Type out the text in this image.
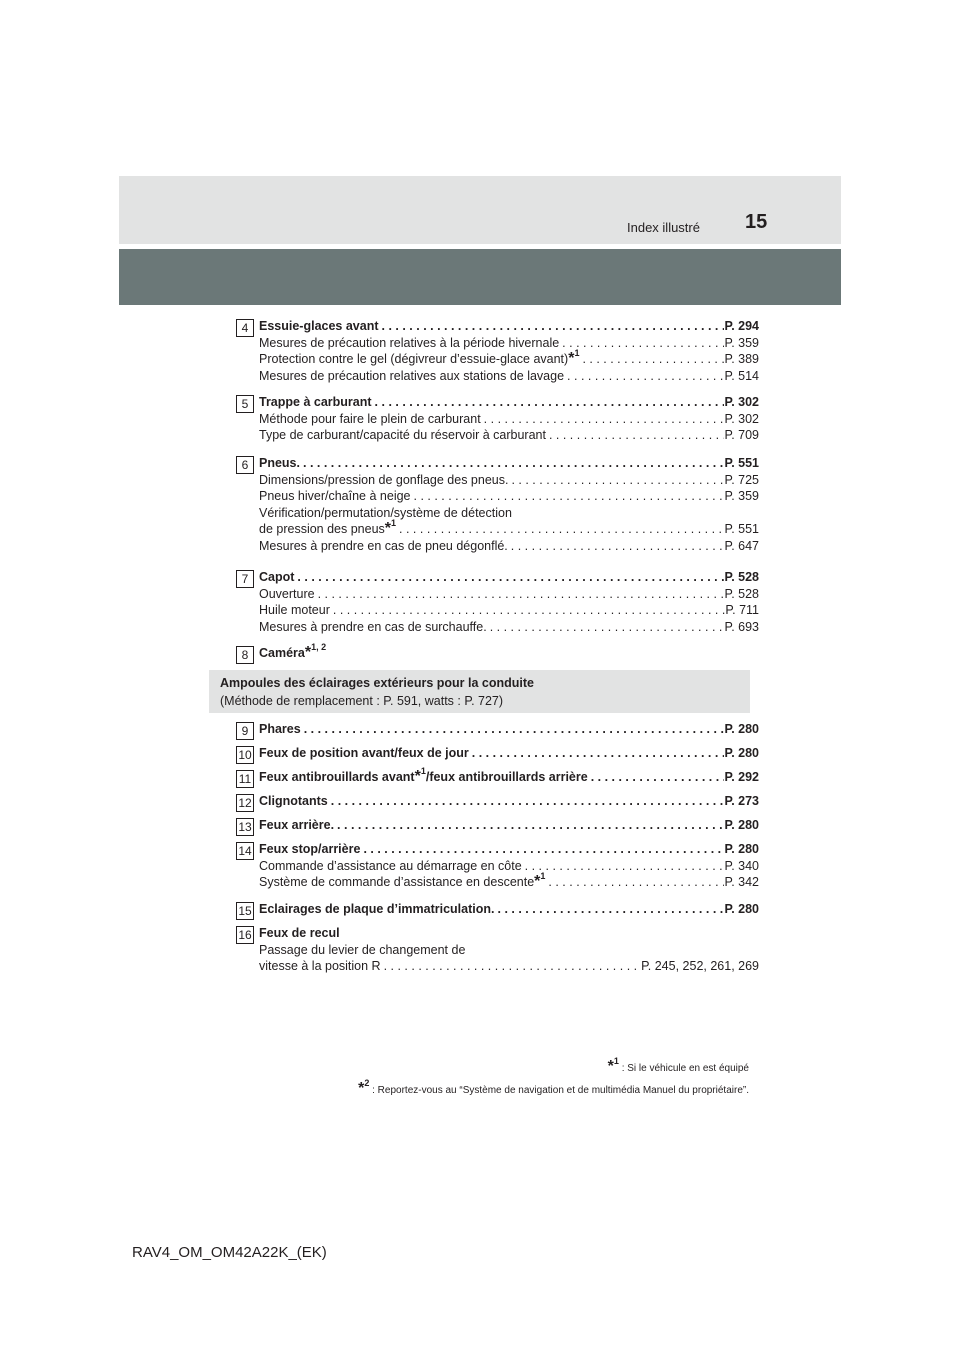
Index illustré 15
4 Essuie-glaces avant . . .	P. 294
Mesures de précaution relatives à la période hivernale . . .	P. 359
Protection contre le gel (dégivreur d’essuie-glace avant)*$^1$ . . .	P. 389
Mesures de précaution relatives aux stations de lavage . . .	P. 514
5 Trappe à carburant . . .	P. 302
Méthode pour faire le plein de carburant . . .	P. 302
Type de carburant/capacité du réservoir à carburant . . .	P. 709
6 Pneus. . . .	P. 551
Dimensions/pression de gonflage des pneus. . . .	P. 725
Pneus hiver/chaîne à neige . . .	P. 359
Vérification/permutation/système de détection
de pression des pneus*$^1$ . . .	P. 551
Mesures à prendre en cas de pneu dégonflé. . . .	P. 647
7 Capot . . .	P. 528
Ouverture . . .	P. 528
Huile moteur . . .	P. 711
Mesures à prendre en cas de surchauffe. . . .	P. 693
8 Caméra*$^{1, 2}$
9 Phares . . .	P. 280
10 Feux de position avant/feux de jour . . .	P. 280
11 Feux antibrouillards avant*$^1$/feux antibrouillards arrière . . .	P. 292
12 Clignotants . . .	P. 273
13 Feux arrière. . . .	P. 280
14 Feux stop/arrière . . .	P. 280
Commande d’assistance au démarrage en côte . . .	P. 340
Système de commande d’assistance en descente*$^1$ . . .	P. 342
15 Eclairages de plaque d’immatriculation. . . .	P. 280
16 Feux de recul
Passage du levier de changement de
vitesse à la position R . . .	P. 245, 252, 261, 269
Ampoules des éclairages extérieurs pour la conduite
(Méthode de remplacement : P. 591, watts : P. 727)
*$^1$ : Si le véhicule en est équipé
*$^2$ : Reportez-vous au “Système de navigation et de multimédia Manuel du propriétaire”.
RAV4_OM_OM42A22K_(EK)
